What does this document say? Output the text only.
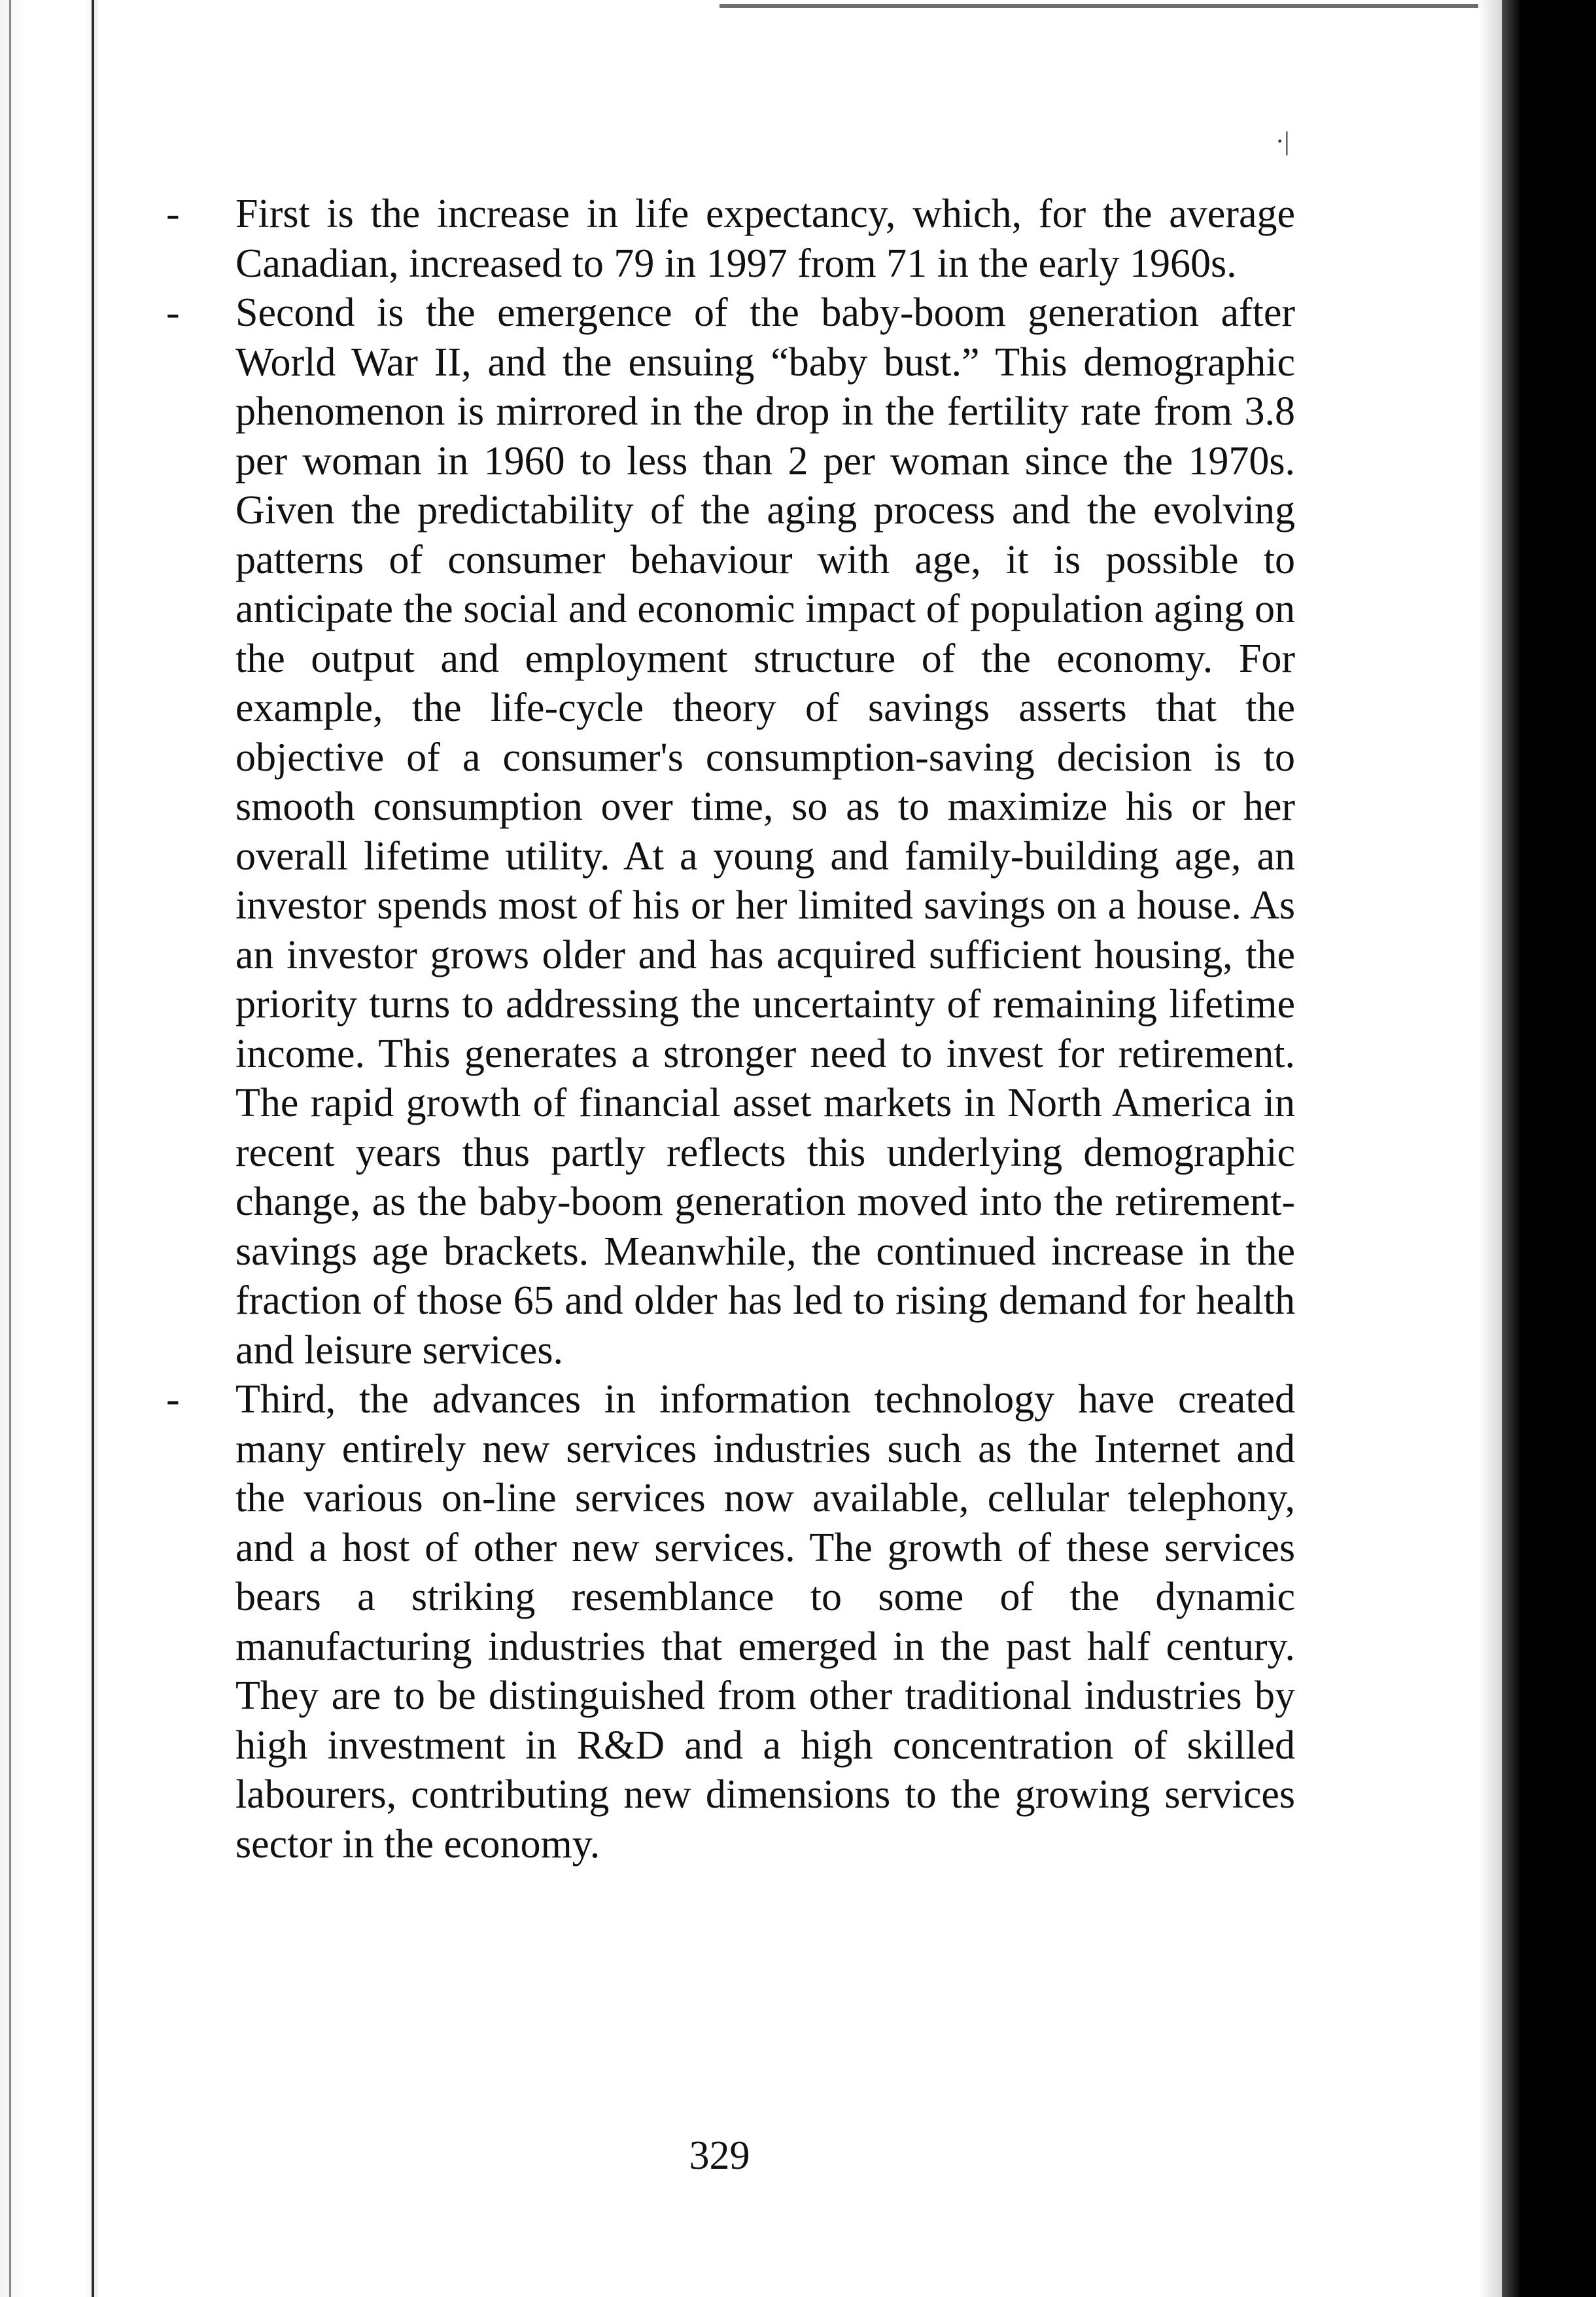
·|

-	First is the increase in life expectancy, which, for the average Canadian, increased to 79 in 1997 from 71 in the early 1960s.

-	Second is the emergence of the baby-boom generation after World War II, and the ensuing “baby bust.” This demographic phenomenon is mirrored in the drop in the fertility rate from 3.8 per woman in 1960 to less than 2 per woman since the 1970s. Given the predictability of the aging process and the evolving patterns of consumer behaviour with age, it is possible to anticipate the social and economic impact of population aging on the output and employment structure of the economy. For example, the life-cycle theory of savings asserts that the objective of a consumer's consumption-saving decision is to smooth consumption over time, so as to maximize his or her overall lifetime utility. At a young and family-building age, an investor spends most of his or her limited savings on a house. As an investor grows older and has acquired sufficient housing, the priority turns to addressing the uncertainty of remaining lifetime income. This generates a stronger need to invest for retirement. The rapid growth of financial asset markets in North America in recent years thus partly reflects this underlying demographic change, as the baby-boom generation moved into the retirement-savings age brackets. Meanwhile, the continued increase in the fraction of those 65 and older has led to rising demand for health and leisure services.

-	Third, the advances in information technology have created many entirely new services industries such as the Internet and the various on-line services now available, cellular telephony, and a host of other new services. The growth of these services bears a striking resemblance to some of the dynamic manufacturing industries that emerged in the past half century. They are to be distinguished from other traditional industries by high investment in R&D and a high concentration of skilled labourers, contributing new dimensions to the growing services sector in the economy.

329
